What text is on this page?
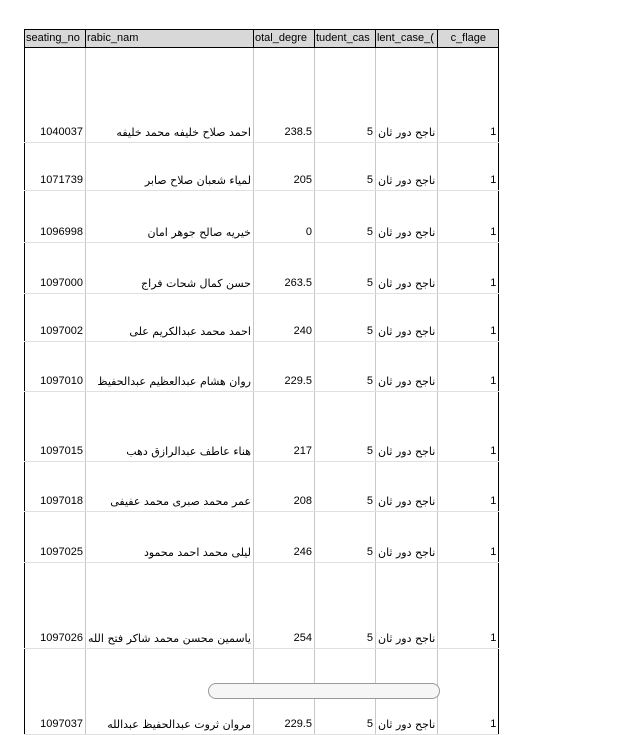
seating_no	rabic_nam	otal_degre	tudent_cas	lent_case_(	c_flage
1040037	احمد صلاح خليفه محمد خليفه	238.5	5	ناجح دور ثان	1
1071739	لمياء شعبان صلاح صابر	205	5	ناجح دور ثان	1
1096998	خيريه صالح جوهر امان	0	5	ناجح دور ثان	1
1097000	حسن كمال شحات فراج	263.5	5	ناجح دور ثان	1
1097002	احمد محمد عبدالكريم على	240	5	ناجح دور ثان	1
1097010	روان هشام عبدالعظيم عبدالحفيظ	229.5	5	ناجح دور ثان	1
1097015	هناء عاطف عبدالرازق دهب	217	5	ناجح دور ثان	1
1097018	عمر محمد صبرى محمد عفيفى	208	5	ناجح دور ثان	1
1097025	ليلى محمد احمد محمود	246	5	ناجح دور ثان	1
1097026	ياسمين محسن محمد شاكر فتح الله	254	5	ناجح دور ثان	1
1097037	مروان ثروت عبدالحفيظ عبدالله	229.5	5	ناجح دور ثان	1
